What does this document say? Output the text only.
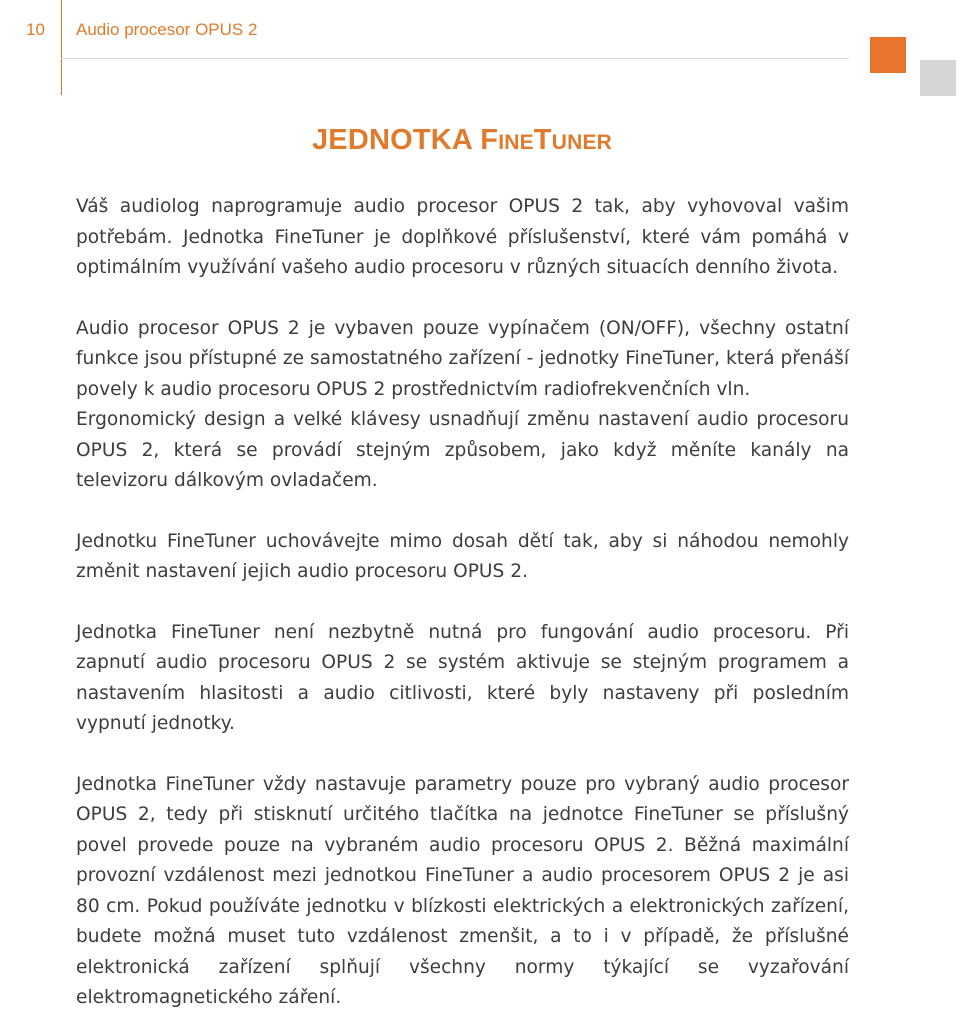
10 Audio procesor OPUS 2
JEDNOTKA FINETUNER

Váš audiolog naprogramuje audio procesor OPUS 2 tak, aby vyhovoval vašim potřebám. Jednotka FineTuner je doplňkové příslušenství, které vám pomáhá v optimálním využívání vašeho audio procesoru v různých situacích denního života.

Audio procesor OPUS 2 je vybaven pouze vypínačem (ON/OFF), všechny ostatní funkce jsou přístupné ze samostatného zařízení - jednotky FineTuner, která přenáší povely k audio procesoru OPUS 2 prostřednictvím radiofrekvenčních vln.

Ergonomický design a velké klávesy usnadňují změnu nastavení audio procesoru OPUS 2, která se provádí stejným způsobem, jako když měníte kanály na televizoru dálkovým ovladačem.

Jednotku FineTuner uchovávejte mimo dosah dětí tak, aby si náhodou nemohly změnit nastavení jejich audio procesoru OPUS 2.

Jednotka FineTuner není nezbytně nutná pro fungování audio procesoru. Při zapnutí audio procesoru OPUS 2 se systém aktivuje se stejným programem a nastavením hlasitosti a audio citlivosti, které byly nastaveny při posledním vypnutí jednotky.

Jednotka FineTuner vždy nastavuje parametry pouze pro vybraný audio procesor OPUS 2, tedy při stisknutí určitého tlačítka na jednotce FineTuner se příslušný povel provede pouze na vybraném audio procesoru OPUS 2. Běžná maximální provozní vzdálenost mezi jednotkou FineTuner a audio procesorem OPUS 2 je asi 80 cm. Pokud používáte jednotku v blízkosti elektrických a elektronických zařízení, budete možná muset tuto vzdálenost zmenšit, a to i v případě, že příslušné elektronická zařízení splňují všechny normy týkající se vyzařování elektromagnetického záření.
